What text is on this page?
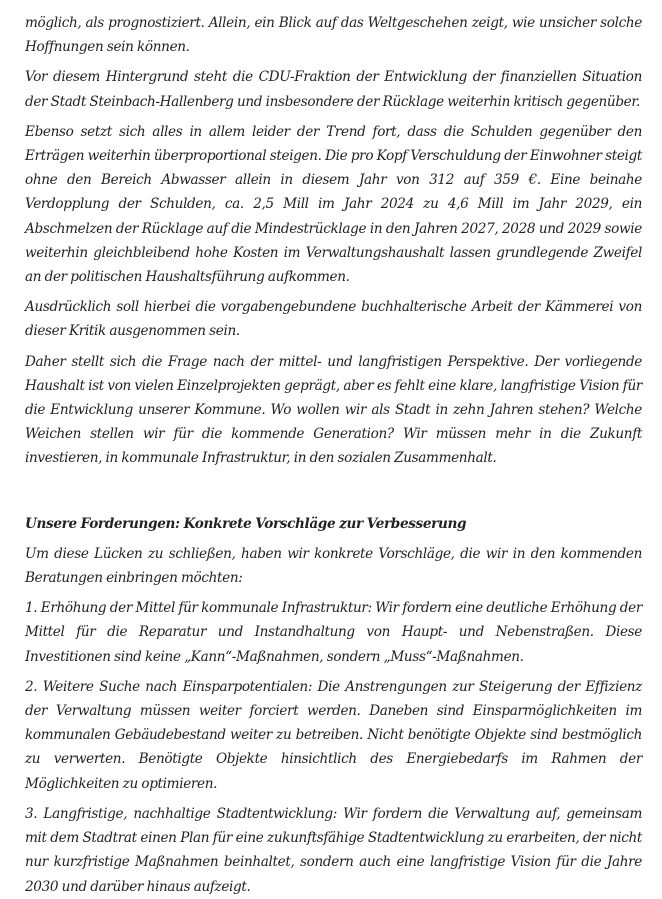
möglich, als prognostiziert. Allein, ein Blick auf das Weltgeschehen zeigt, wie unsicher solche Hoffnungen sein können.

Vor diesem Hintergrund steht die CDU-Fraktion der Entwicklung der finanziellen Situation der Stadt Steinbach-Hallenberg und insbesondere der Rücklage weiterhin kritisch gegenüber.

Ebenso setzt sich alles in allem leider der Trend fort, dass die Schulden gegenüber den Erträgen weiterhin überproportional steigen. Die pro Kopf Verschuldung der Einwohner steigt ohne den Bereich Abwasser allein in diesem Jahr von 312 auf 359 €. Eine beinahe Verdopplung der Schulden, ca. 2,5 Mill im Jahr 2024 zu 4,6 Mill im Jahr 2029, ein Abschmelzen der Rücklage auf die Mindestrücklage in den Jahren 2027, 2028 und 2029 sowie weiterhin gleichbleibend hohe Kosten im Verwaltungshaushalt lassen grundlegende Zweifel an der politischen Haushaltsführung aufkommen.

Ausdrücklich soll hierbei die vorgabengebundene buchhalterische Arbeit der Kämmerei von dieser Kritik ausgenommen sein.

Daher stellt sich die Frage nach der mittel- und langfristigen Perspektive. Der vorliegende Haushalt ist von vielen Einzelprojekten geprägt, aber es fehlt eine klare, langfristige Vision für die Entwicklung unserer Kommune. Wo wollen wir als Stadt in zehn Jahren stehen? Welche Weichen stellen wir für die kommende Generation? Wir müssen mehr in die Zukunft investieren, in kommunale Infrastruktur, in den sozialen Zusammenhalt.

Unsere Forderungen: Konkrete Vorschläge zur Verbesserung

Um diese Lücken zu schließen, haben wir konkrete Vorschläge, die wir in den kommenden Beratungen einbringen möchten:

1. Erhöhung der Mittel für kommunale Infrastruktur: Wir fordern eine deutliche Erhöhung der Mittel für die Reparatur und Instandhaltung von Haupt- und Nebenstraßen. Diese Investitionen sind keine „Kann“-Maßnahmen, sondern „Muss“-Maßnahmen.

2. Weitere Suche nach Einsparpotentialen: Die Anstrengungen zur Steigerung der Effizienz der Verwaltung müssen weiter forciert werden. Daneben sind Einsparmöglichkeiten im kommunalen Gebäudebestand weiter zu betreiben. Nicht benötigte Objekte sind bestmöglich zu verwerten. Benötigte Objekte hinsichtlich des Energiebedarfs im Rahmen der Möglichkeiten zu optimieren.

3. Langfristige, nachhaltige Stadtentwicklung: Wir fordern die Verwaltung auf, gemeinsam mit dem Stadtrat einen Plan für eine zukunftsfähige Stadtentwicklung zu erarbeiten, der nicht nur kurzfristige Maßnahmen beinhaltet, sondern auch eine langfristige Vision für die Jahre 2030 und darüber hinaus aufzeigt.
